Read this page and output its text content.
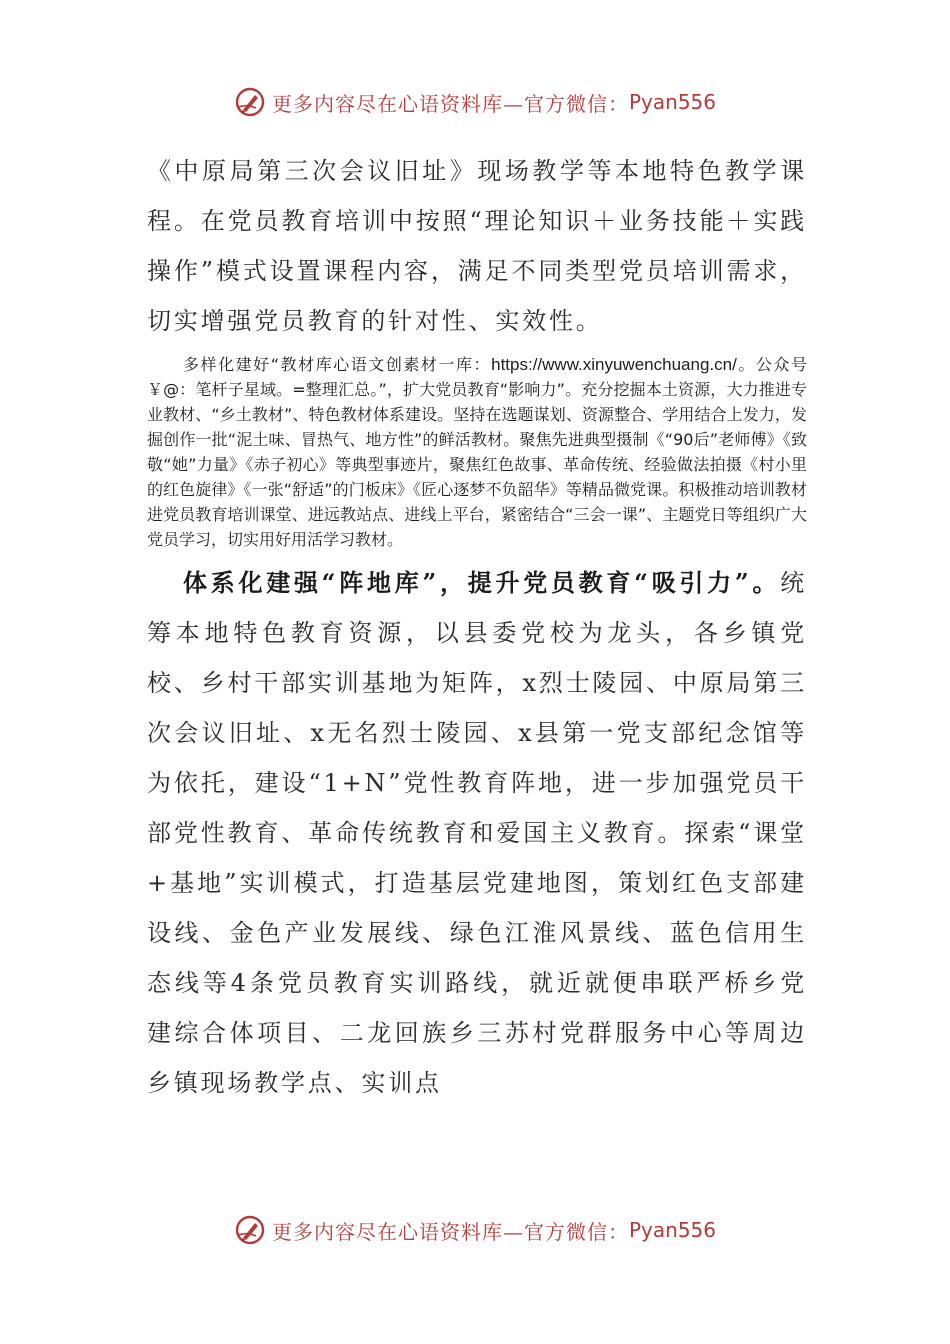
更多内容尽在心语资料库—官方微信： Pyan556

《中原局第三次会议旧址》现场教学等本地特色教学课程。在党员教育培训中按照“理论知识＋业务技能＋实践操作”模式设置课程内容，满足不同类型党员培训需求，切实增强党员教育的针对性、实效性。

多样化建好“教材库心语文创素材一库：https://www.xinyuwenchuang.cn/。公众号￥@：笔杆子星域。=整理汇总。”，扩大党员教育“影响力”。充分挖掘本土资源，大力推进专业教材、“乡土教材”、特色教材体系建设。坚持在选题谋划、资源整合、学用结合上发力，发掘创作一批“泥土味、冒热气、地方性”的鲜活教材。聚焦先进典型摄制《“90后”老师傅》《致敬“她”力量》《赤子初心》等典型事迹片，聚焦红色故事、革命传统、经验做法拍摄《村小里的红色旋律》《一张“舒适”的门板床》《匠心逐梦不负韶华》等精品微党课。积极推动培训教材进党员教育培训课堂、进远教站点、进线上平台，紧密结合“三会一课”、主题党日等组织广大党员学习，切实用好用活学习教材。

体系化建强“阵地库”，提升党员教育“吸引力”。统筹本地特色教育资源，以县委党校为龙头，各乡镇党校、乡村干部实训基地为矩阵，x烈士陵园、中原局第三次会议旧址、x无名烈士陵园、x县第一党支部纪念馆等为依托，建设“1+N”党性教育阵地，进一步加强党员干部党性教育、革命传统教育和爱国主义教育。探索“课堂+基地”实训模式，打造基层党建地图，策划红色支部建设线、金色产业发展线、绿色江淮风景线、蓝色信用生态线等4条党员教育实训路线，就近就便串联严桥乡党建综合体项目、二龙回族乡三苏村党群服务中心等周边乡镇现场教学点、实训点

更多内容尽在心语资料库—官方微信： Pyan556
